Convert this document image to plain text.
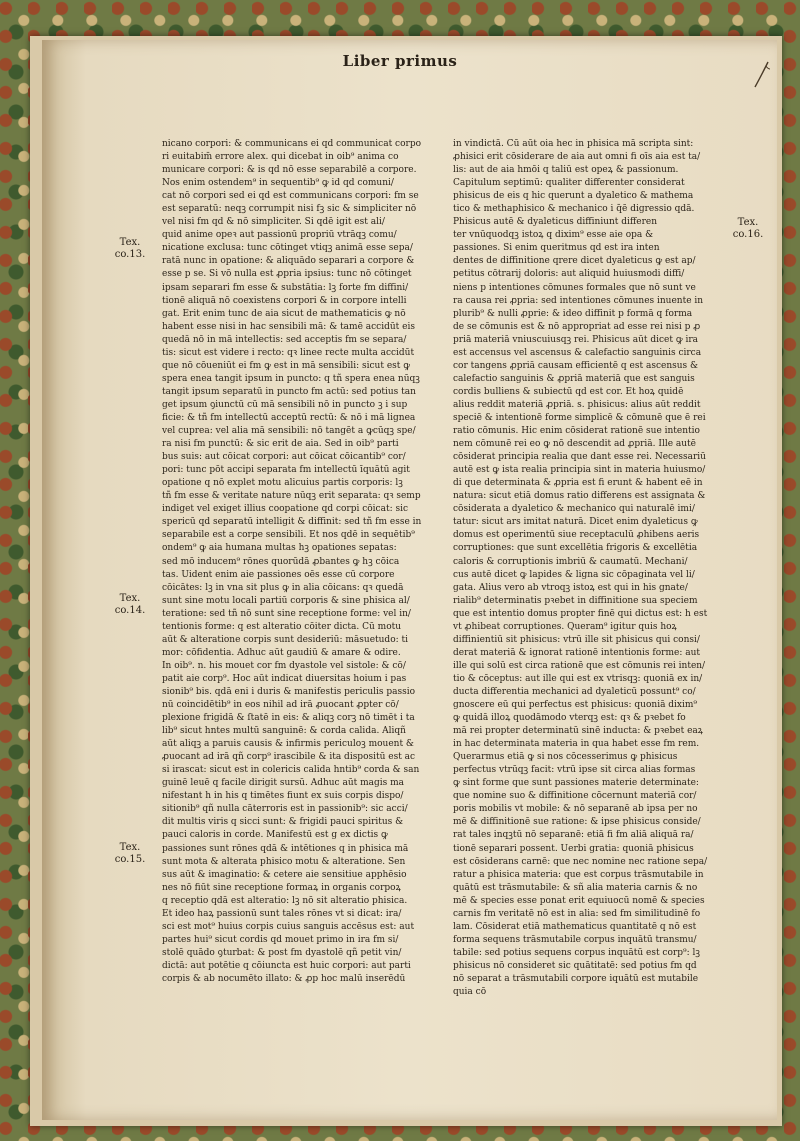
Liber primus
Tex.
co.13.
Tex.
co.14.
Tex.
co.15.
Tex.
co.16.
nicano corpori: & communicans ei qd communicat corpo
ri euitabim̄ errore alex. qui dicebat in oib⁹ anima co
municare corpori: & is qd nō esse separabilē a corpore.
Nos enim ostendem⁹ in sequentib⁹ ꝙ id qd comuni/
cat nō corpori sed ei qd est communicans corpori: fm se
est separatū: neqꝫ corrumpit nisi fꝫ sic & simpliciter nō
vel nisi fm qd & nō simpliciter. Si qdē igit est ali/
quid anime opeꝛ aut passionū propriū vtrāqꝫ comu/
nicatione exclusa: tunc cōtinget vtiqꝫ animā esse sepa/
ratā nunc in opatione: & aliquādo separari a corpore &
esse p se. Si vō nulla est ꝓpria ipsius: tunc nō cōtinget
ipsam separari fm esse & substātia: lꝫ forte fm diffini/
tionē aliquā nō coexistens corpori & in corpore intelli
gat. Erit enim tunc de aia sicut de mathematicis ꝙ nō
habent esse nisi in hac sensibili mā: & tamē accidūt eis
quedā nō in mā intellectis: sed acceptis fm se separa/
tis: sicut est videre i recto: qꝛ linee recte multa accidūt
que nō cōueniūt ei fm ꝙ est in mā sensibili: sicut est ꝙ
spera enea tangit ipsum in puncto: q tñ spera enea nūqꝫ
tangit ipsum separatū in puncto fm actū: sed potius tan
get ipsum ꝯiunctū cū mā sensibili nō in puncto ꝫ i sup
ficie: & tñ fm intellectū acceptū rectū: & nō i mā lignea
vel cuprea: vel alia mā sensibili: nō tangēt a ꝙcūqꝫ spe/
ra nisi fm punctū: & sic erit de aia. Sed in oib⁹ parti
bus suis: aut cōicat corpori: aut cōicat cōicantib⁹ cor/
pori: tunc pōt accipi separata fm intellectū īquātū agit
opatione q nō explet motu alicuius partis corporis: lꝫ
tñ fm esse & veritate nature nūqꝫ erit separata: qꝛ semp
indiget vel exiget illius coopatione qd corpi cōicat: sic
spericū qd separatū intelligit & diffinit: sed tñ fm esse in
separabile est a corpe sensibili. Et nos qdē in sequētib⁹
ondem⁹ ꝙ aia humana multas hꝫ opationes sepatas:
sed mō inducem⁹ rōnes quorūdā ꝓbantes ꝙ hꝫ cōica
tas. Uident enim aie passiones oēs esse cū corpore
cōicātes: lꝫ in vna sit plus ꝙ in alia cōicans: qꝛ quedā
sunt sine motu locali partiū corporis & sine phisica al/
teratione: sed tñ nō sunt sine receptione forme: vel in/
tentionis forme: q est alteratio cōiter dicta. Cū motu
aūt & alteratione corpis sunt desideriū: māsuetudo: ti
mor: cōfidentia. Adhuc aūt gaudiū & amare & odire.
In oib⁹. n. his mouet cor fm dyastole vel sistole: & cō/
patit aie corp⁹. Hoc aūt indicat diuersitas hoium i pas
sionib⁹ bis. qdā eni i duris & manifestis periculis passio
nū coincidētib⁹ in eos nihil ad irā ꝓuocant ꝓpter cō/
plexione frigidā & ſtatē in eis: & aliqꝫ corꝫ nō timēt i ta
lib⁹ sicut hntes multū sanguinē: & corda calida. Aliqñ
aūt aliqꝫ a paruis causis & infirmis periculoꝫ mouent &
ꝓuocant ad irā qñ corp⁹ irascibile & ita dispositū est ac
si irascat: sicut est in colericis calida hntib⁹ corda & san
guinē leuē q facile dirigit sursū. Adhuc aūt magis ma
nifestant h in his q timētes fiunt ex suis corpis dispo/
sitionib⁹ qñ nulla cāterroris est in passionib⁹: sic acci/
dit multis viris q sicci sunt: & frigidi pauci spiritus &
pauci caloris in corde. Manifestū est g ex dictis ꝙ
passiones sunt rōnes qdā & intētiones q in phisica mā
sunt mota & alterata phisico motu & alteratione. Sen
sus aūt & imaginatio: & cetere aie sensitiue apphēsio
nes nō fiūt sine receptione formaꝝ in organis corpoꝝ
q receptio qdā est alteratio: lꝫ nō sit alteratio phisica.
Et ideo haꝝ passionū sunt tales rōnes vt si dicat: ira/
sci est mot⁹ huius corpis cuius sanguis accēsus est: aut
partes hui⁹ sicut cordis qd mouet primo in ira fm si/
stolē quādo ꝯturbat: & post fm dyastolē qñ petit vin/
dictā: aut potētie q cōiuncta est huic corpori: aut parti
corpis & ab nocumēto illato: & ꝓp hoc malū inserēdū
in vindictā. Cū aūt oia hec in phisica mā scripta sint:
ꝓhisici erit cōsiderare de aia aut omni fi oīs aia est ta/
lis: aut de aia hmōi q taliū est opeꝝ & passionum.
Capitulum septimū: qualiter differenter considerat
phisicus de eis q hic querunt a dyaletico & mathema
tico & methaphisico & mechanico i q̄ē digressio qdā.
Phisicus autē & dyaleticus diffiniunt differen
ter vnūquodqꝫ istoꝝ q dixim⁹ esse aie opa &
passiones. Si enim queritmus qd est ira inten
dentes de diffinitione qrere dicet dyaleticus ꝙ est ap/
petitus cōtrarij doloris: aut aliquid huiusmodi diffi/
niens p intentiones cōmunes formales que nō sunt ve
ra causa rei ꝓpria: sed intentiones cōmunes inuente in
plurib⁹ & nulli ꝓprie: & ideo diffinit p formā q forma
de se cōmunis est & nō appropriat ad esse rei nisi p ꝓ
priā materiā vniuscuiusqꝫ rei. Phisicus aūt dicet ꝙ ira
est accensus vel ascensus & calefactio sanguinis circa
cor tangens ꝓpriā causam efficientē q est ascensus &
calefactio sanguinis & ꝓpriā materiā que est sanguis
cordis bulliens & subiectū qd est cor. Et hoꝝ quidē
alius reddit materiā ꝓpriā. s. phisicus: alius aūt reddit
speciē & intentionē forme simplicē & cōmunē que ē rei
ratio cōmunis. Hic enim cōsiderat rationē sue intentio
nem cōmunē rei eo ꝙ nō descendit ad ꝓpriā. Ille autē
cōsiderat principia realia que dant esse rei. Necessariū
autē est ꝙ ista realia principia sint in materia huiusmo/
di que determinata & ꝓpria est fi erunt & habent eē in
natura: sicut etiā domus ratio differens est assignata &
cōsiderata a dyaletico & mechanico qui naturalē imi/
tatur: sicut ars imitat naturā. Dicet enim dyaleticus ꝙ
domus est operimentū siue receptaculū ꝓhibens aeris
corruptiones: que sunt excellētia frigoris & excellētia
caloris & corruptionis imbriū & caumatū. Mechani/
cus autē dicet ꝙ lapides & ligna sic cōpaginata vel li/
gata. Alius vero ab vtroqꝫ istoꝝ est qui in his gnate/
rialib⁹ determinatis pꝛebet in diffinitione sua speciem
que est intentio domus propter finē qui dictus est: h est
vt ꝓhibeat corruptiones. Queram⁹ igitur quis hoꝝ
diffinientiū sit phisicus: vtrū ille sit phisicus qui consi/
derat materiā & ignorat rationē intentionis forme: aut
ille qui solū est circa rationē que est cōmunis rei inten/
tio & cōceptus: aut ille qui est ex vtrisqꝫ: quoniā ex in/
ducta differentia mechanici ad dyaleticū possunt⁹ co/
gnoscere eū qui perfectus est phisicus: quoniā dixim⁹
ꝙ quidā illoꝝ quodāmodo vterqꝫ est: qꝛ & pꝛebet fo
mā rei propter determinatū sinē inducta: & pꝛebet eaꝝ
in hac determinata materia in qua habet esse fm rem.
Querarmus etiā ꝙ si nos cōcesserimus ꝙ phisicus
perfectus vtrūqꝫ facit: vtrū ipse sit circa alias formas
ꝙ sint forme que sunt passiones materie determinate:
que nomine suo & diffinitione cōcernunt materiā cor/
poris mobilis vt mobile: & nō separanē ab ipsa per no
mē & diffinitionē sue ratione: & ipse phisicus conside/
rat tales inqꝫtū nō separanē: etiā fi fm aliā aliquā ra/
tionē separari possent. Uerbi gratia: quoniā phisicus
est cōsiderans carnē: que nec nomine nec ratione sepa/
ratur a phisica materia: que est corpus trāsmutabile in
quātū est trāsmutabile: & sñ alia materia carnis & no
mē & species esse ponat erit equiuocū nomē & species
carnis fm veritatē nō est in alia: sed fm similitudinē fo
lam. Cōsiderat etiā mathematicus quantitatē q nō est
forma sequens trāsmutabile corpus inquātū transmu/
tabile: sed potius sequens corpus inquātū est corp⁹: lꝫ
phisicus nō consideret sic quātitatē: sed potius fm qd
nō separat a trāsmutabili corpore iquātū est mutabile
quia cō
